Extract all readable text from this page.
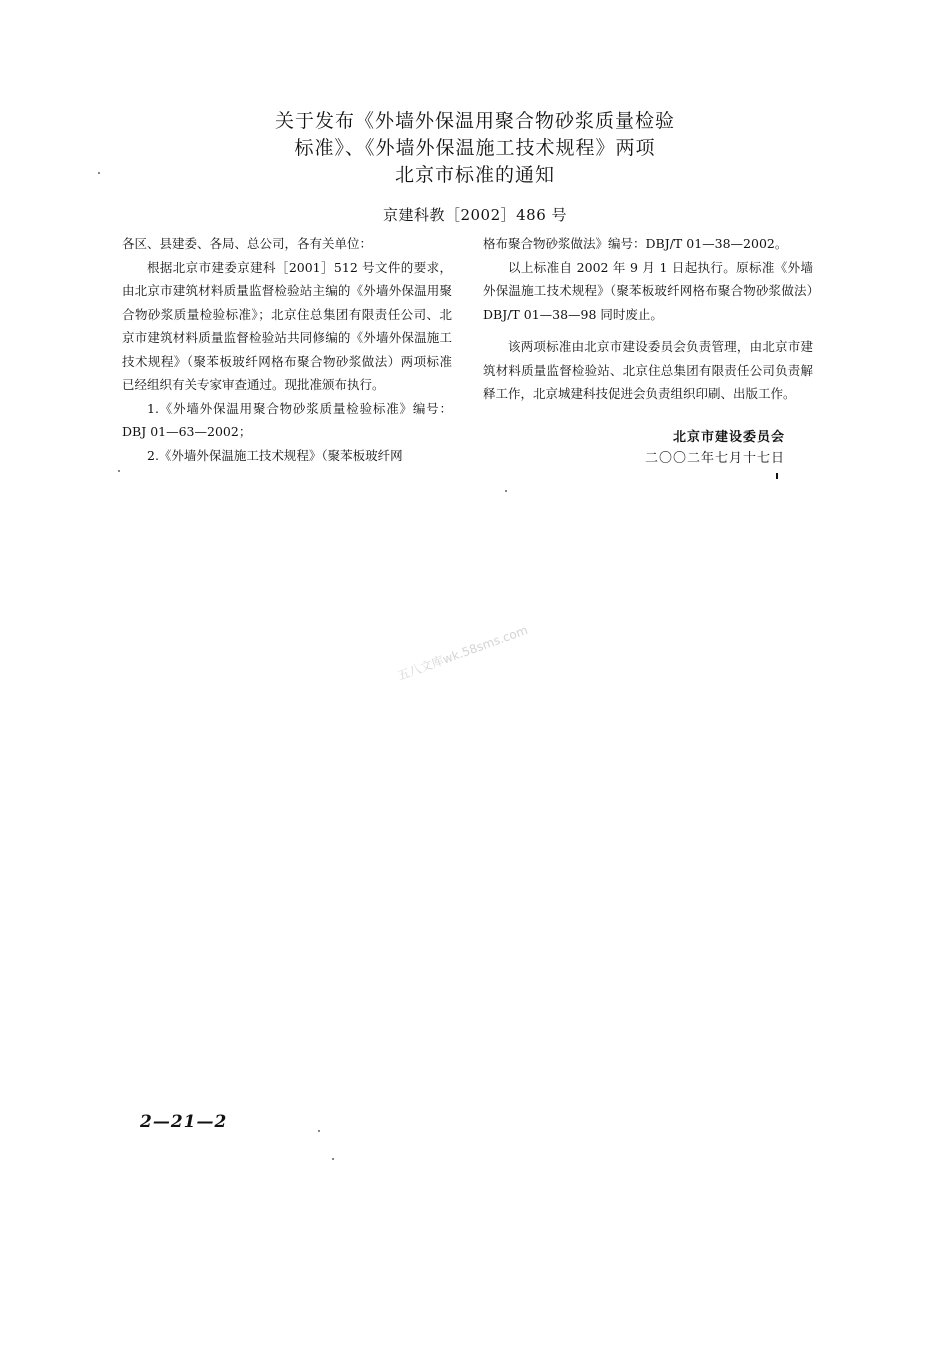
关于发布《外墙外保温用聚合物砂浆质量检验
标准》、《外墙外保温施工技术规程》两项
北京市标准的通知
京建科教［2002］486 号

各区、县建委、各局、总公司，各有关单位：

根据北京市建委京建科［2001］512 号文件的要求，由北京市建筑材料质量监督检验站主编的《外墙外保温用聚合物砂浆质量检验标准》；北京住总集团有限责任公司、北京市建筑材料质量监督检验站共同修编的《外墙外保温施工技术规程》（聚苯板玻纤网格布聚合物砂浆做法）两项标准已经组织有关专家审查通过。现批准颁布执行。

1.《外墙外保温用聚合物砂浆质量检验标准》编号：DBJ 01—63—2002；

2.《外墙外保温施工技术规程》（聚苯板玻纤网

格布聚合物砂浆做法》编号：DBJ/T 01—38—2002。

以上标准自 2002 年 9 月 1 日起执行。原标准《外墙外保温施工技术规程》（聚苯板玻纤网格布聚合物砂浆做法）DBJ/T 01—38—98 同时废止。

该两项标准由北京市建设委员会负责管理，由北京市建筑材料质量监督检验站、北京住总集团有限责任公司负责解释工作，北京城建科技促进会负责组织印刷、出版工作。

北京市建设委员会
二〇〇二年七月十七日
五八文库wk.58sms.com
2—21—2
